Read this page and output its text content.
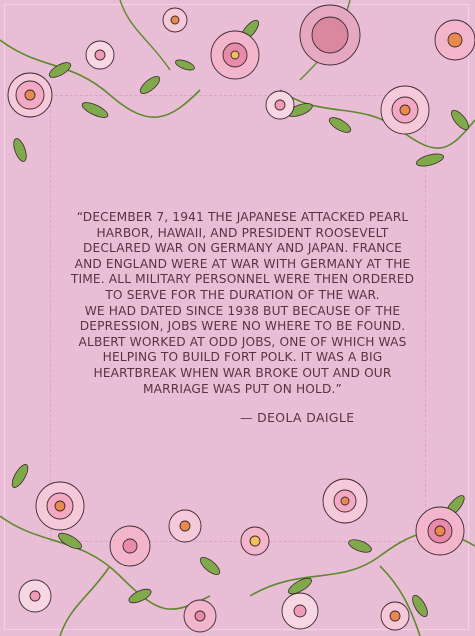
“DECEMBER 7, 1941 THE JAPANESE ATTACKED PEARL HARBOR, HAWAII, AND PRESIDENT ROOSEVELT DECLARED WAR ON GERMANY AND JAPAN. FRANCE AND ENGLAND WERE AT WAR WITH GERMANY AT THE TIME. ALL MILITARY PERSONNEL WERE THEN ORDERED TO SERVE FOR THE DURATION OF THE WAR.

WE HAD DATED SINCE 1938 BUT BECAUSE OF THE DEPRESSION, JOBS WERE NO WHERE TO BE FOUND. ALBERT WORKED AT ODD JOBS, ONE OF WHICH WAS HELPING TO BUILD FORT POLK. IT WAS A BIG HEARTBREAK WHEN WAR BROKE OUT AND OUR MARRIAGE WAS PUT ON HOLD.”

— DEOLA DAIGLE
